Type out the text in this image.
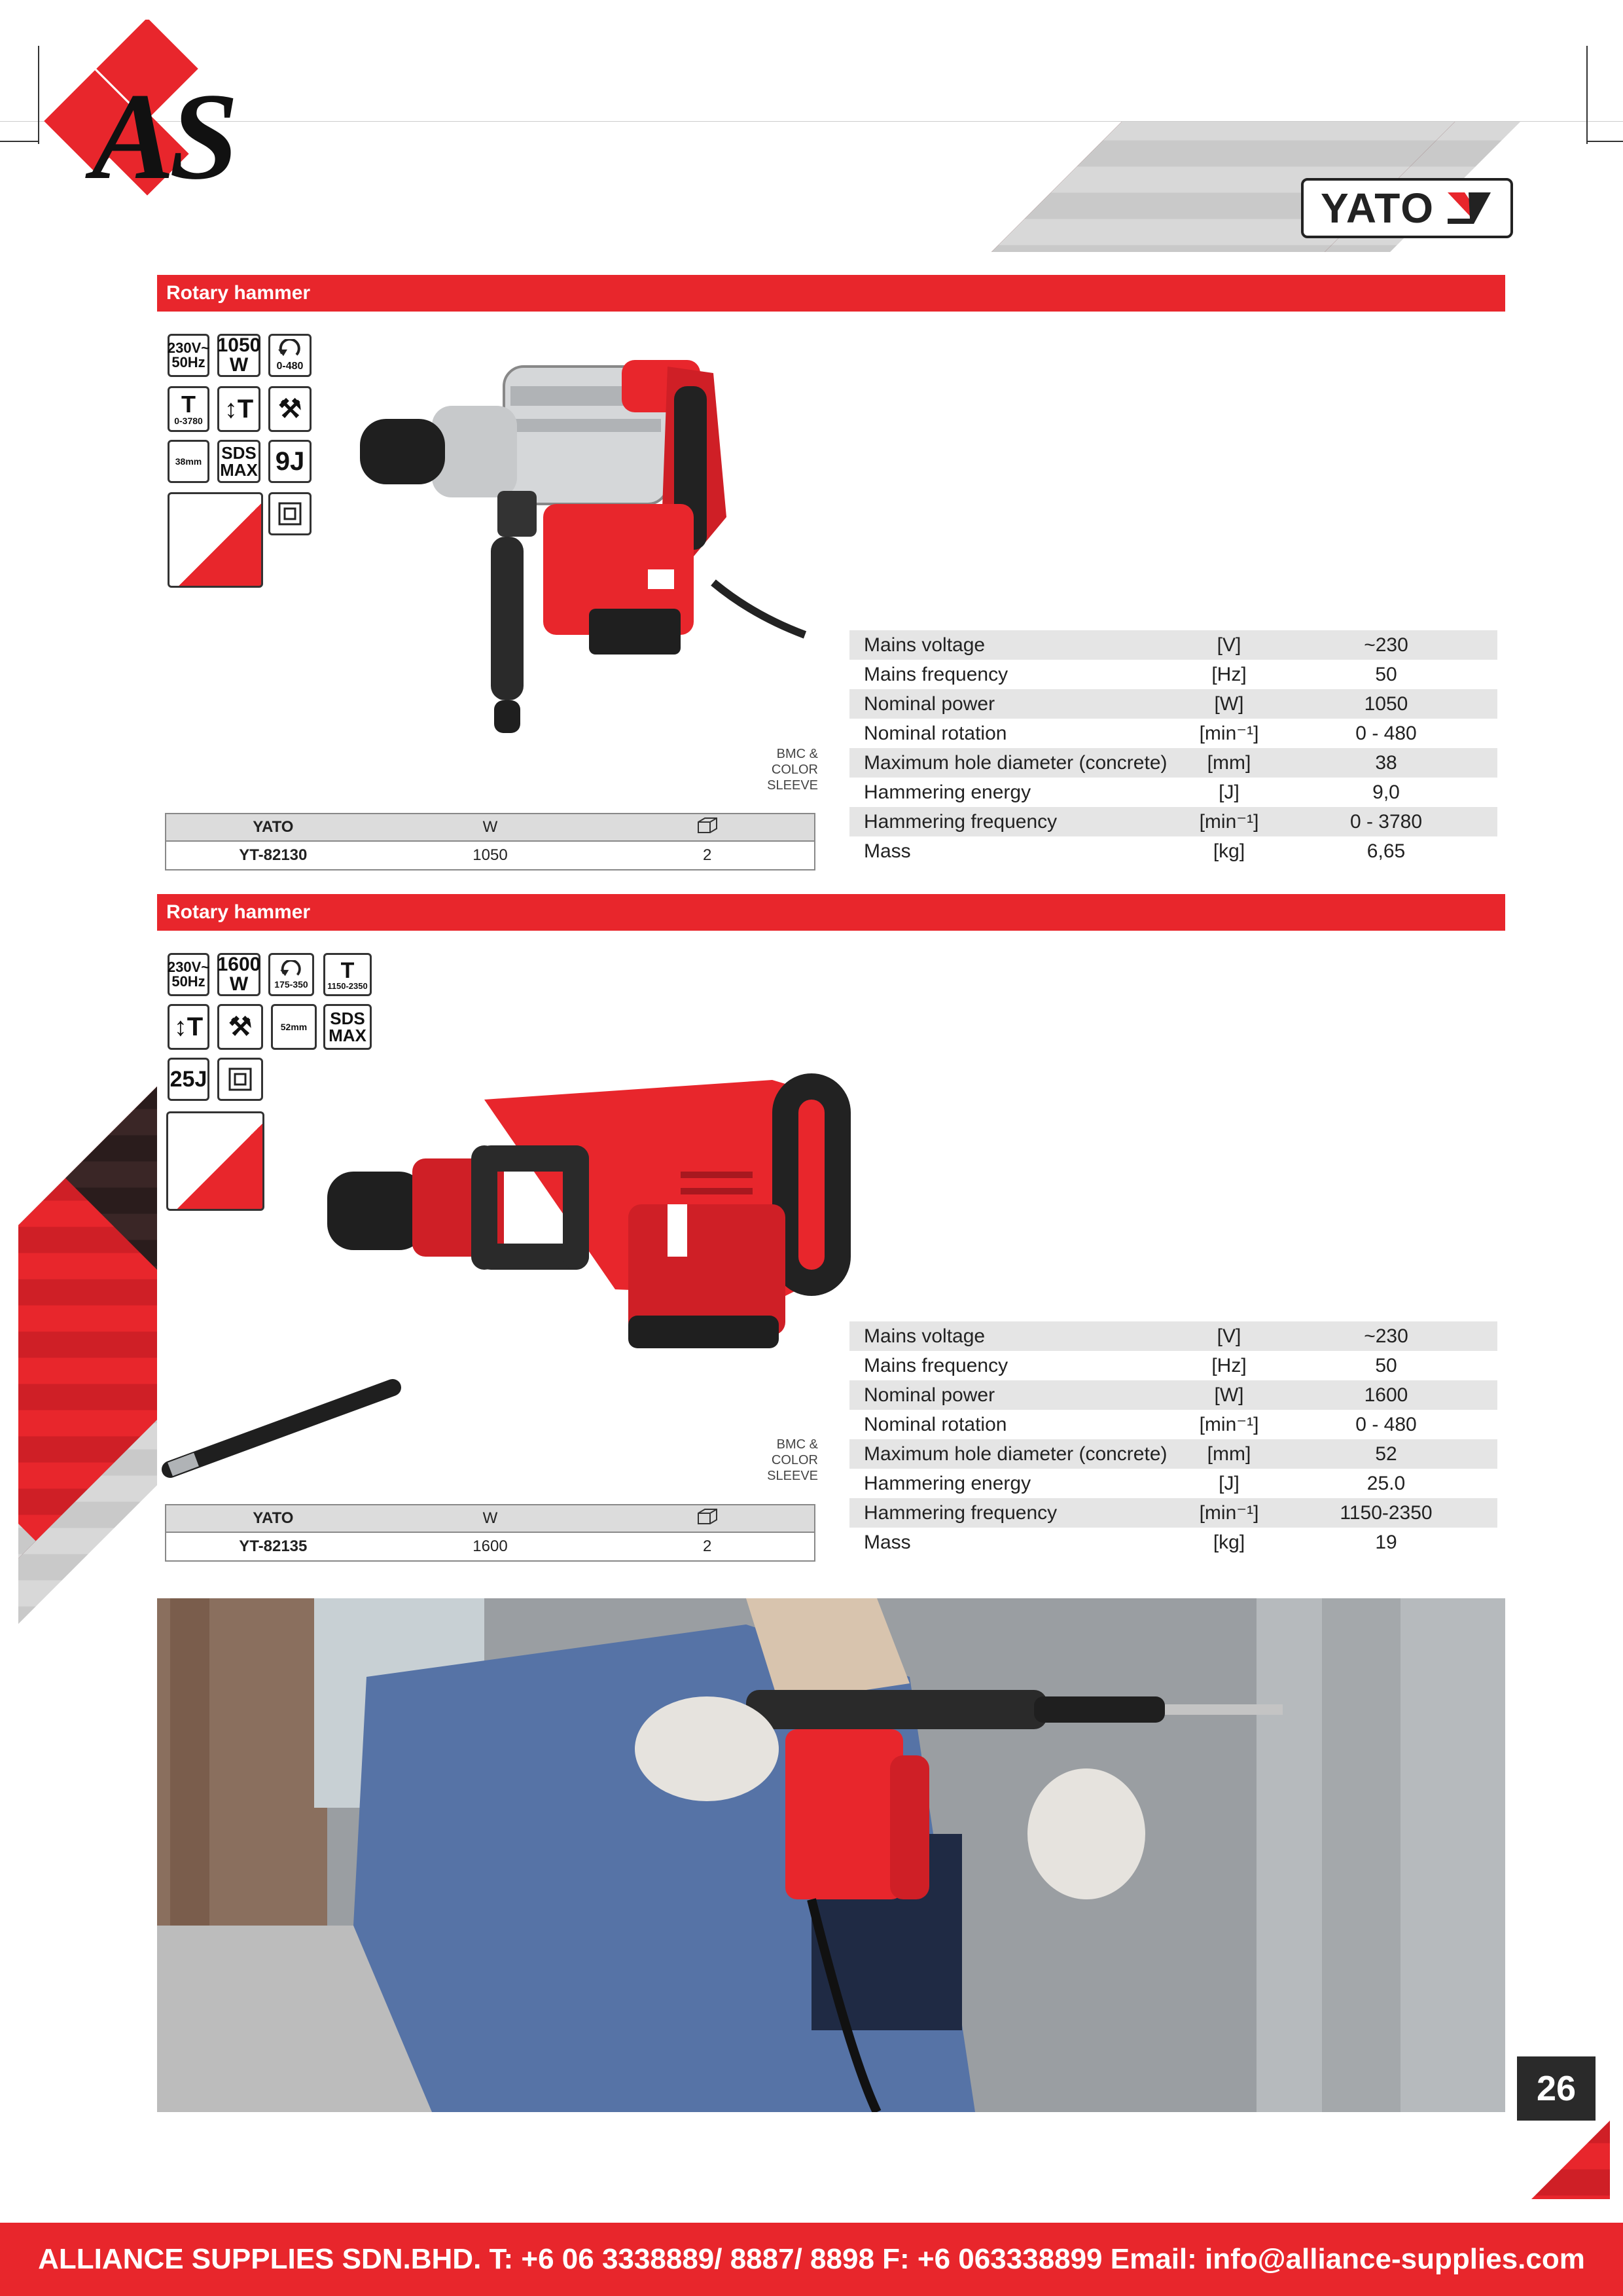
AS
Tools & Accessories	YATO
Rotary hammer
230V~ 50Hz
1050 W	0-480
T
0-3780 ↕T ⚒
38mm SDS MAX 9J
BMC & COLOR SLEEVE
YATO	W
YT-82130	1050	2
Mains voltage	[V]	~230
Mains frequency	[Hz]	50
Nominal power	[W]	1050
Nominal rotation	[min⁻¹]	0 - 480
Maximum hole diameter (concrete)	[mm]	38
Hammering energy	[J]	9,0
Hammering frequency	[min⁻¹]	0 - 3780
Mass	[kg]	6,65
Rotary hammer
230V~ 50Hz
1600 W	175-350
T
1150-2350
↕T ⚒	52mm SDS MAX
25J
BMC & COLOR SLEEVE
YATO	W
YT-82135	1600	2
Mains voltage	[V]	~230
Mains frequency	[Hz]	50
Nominal power	[W]	1600
Nominal rotation	[min⁻¹]	0 - 480
Maximum hole diameter (concrete)	[mm]	52
Hammering energy	[J]	25.0
Hammering frequency	[min⁻¹]	1150-2350
Mass	[kg]	19
26
292
ALLIANCE SUPPLIES SDN.BHD. T: +6 06 3338889/ 8887/ 8898 F: +6 063338899 Email: info@alliance-supplies.com
